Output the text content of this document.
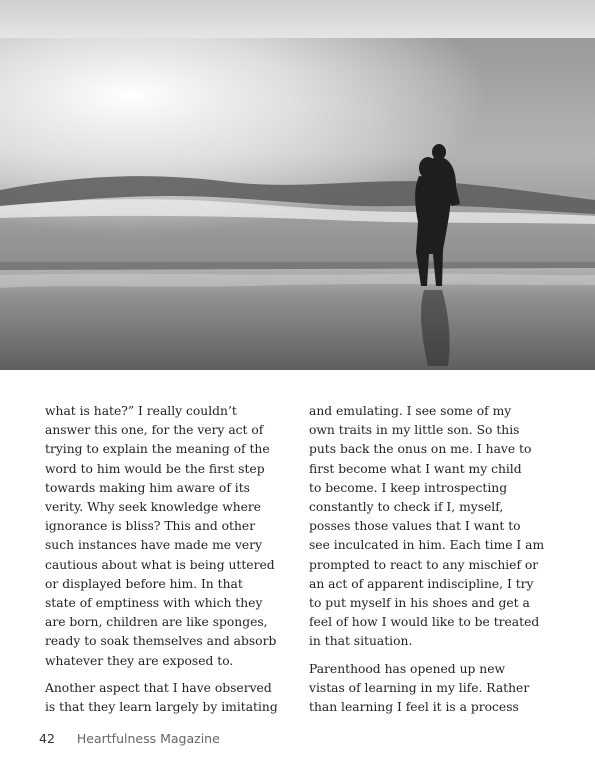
what is hate?” I really couldn’t
answer this one, for the very act of
trying to explain the meaning of the
word to him would be the first step
towards making him aware of its
verity. Why seek knowledge where
ignorance is bliss? This and other
such instances have made me very
cautious about what is being uttered
or displayed before him. In that
state of emptiness with which they
are born, children are like sponges,
ready to soak themselves and absorb
whatever they are exposed to.

Another aspect that I have observed
is that they learn largely by imitating

and emulating. I see some of my
own traits in my little son. So this
puts back the onus on me. I have to
first become what I want my child
to become. I keep introspecting
constantly to check if I, myself,
posses those values that I want to
see inculcated in him. Each time I am
prompted to react to any mischief or
an act of apparent indiscipline, I try
to put myself in his shoes and get a
feel of how I would like to be treated
in that situation.

Parenthood has opened up new
vistas of learning in my life. Rather
than learning I feel it is a process

42 Heartfulness Magazine
